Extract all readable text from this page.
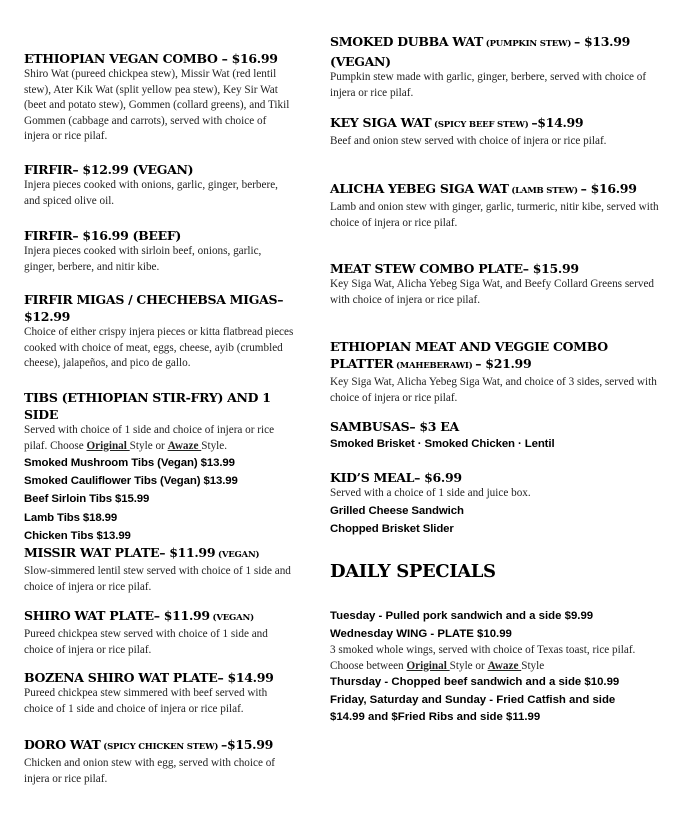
ETHIOPIAN VEGAN COMBO – $16.99

Shiro Wat (pureed chickpea stew), Missir Wat (red lentil stew), Ater Kik Wat (split yellow pea stew), Key Sir Wat (beet and potato stew), Gommen (collard greens), and Tikil Gommen (cabbage and carrots), served with choice of injera or rice pilaf.

FIRFIR– $12.99 (VEGAN)

Injera pieces cooked with onions, garlic, ginger, berbere, and spiced olive oil.

FIRFIR– $16.99 (BEEF)

Injera pieces cooked with sirloin beef, onions, garlic, ginger, berbere, and nitir kibe.

FIRFIR MIGAS / CHECHEBSA MIGAS– $12.99

Choice of either crispy injera pieces or kitta flatbread pieces cooked with choice of meat, eggs, cheese, ayib (crumbled cheese), jalapeños, and pico de gallo.

TIBS (ETHIOPIAN STIR-FRY) AND 1 SIDE

Served with choice of 1 side and choice of injera or rice pilaf. Choose Original Style or Awaze Style.

Smoked Mushroom Tibs (Vegan) $13.99

Smoked Cauliflower Tibs (Vegan) $13.99

Beef Sirloin Tibs $15.99

Lamb Tibs $18.99

Chicken Tibs $13.99

MISSIR WAT PLATE– $11.99 (VEGAN)

Slow-simmered lentil stew served with choice of 1 side and choice of injera or rice pilaf.

SHIRO WAT PLATE– $11.99 (VEGAN)

Pureed chickpea stew served with choice of 1 side and choice of injera or rice pilaf.

BOZENA SHIRO WAT PLATE– $14.99

Pureed chickpea stew simmered with beef served with choice of 1 side and choice of injera or rice pilaf.

DORO WAT (SPICY CHICKEN STEW) –$15.99

Chicken and onion stew with egg, served with choice of injera or rice pilaf.

SMOKED DUBBA WAT (PUMPKIN STEW) – $13.99 (VEGAN)

Pumpkin stew made with garlic, ginger, berbere, served with choice of injera or rice pilaf.

KEY SIGA WAT (SPICY BEEF STEW) –$14.99

Beef and onion stew served with choice of injera or rice pilaf.

ALICHA YEBEG SIGA WAT (LAMB STEW) – $16.99

Lamb and onion stew with ginger, garlic, turmeric, nitir kibe, served with choice of injera or rice pilaf.

MEAT STEW COMBO PLATE– $15.99

Key Siga Wat, Alicha Yebeg Siga Wat, and Beefy Collard Greens served with choice of injera or rice pilaf.

ETHIOPIAN MEAT AND VEGGIE COMBO PLATTER (MAHEBERAWI) – $21.99

Key Siga Wat, Alicha Yebeg Siga Wat, and choice of 3 sides, served with choice of injera or rice pilaf.

SAMBUSAS– $3 EA

Smoked Brisket · Smoked Chicken · Lentil

KID’S MEAL– $6.99

Served with a choice of 1 side and juice box.

Grilled Cheese Sandwich

Chopped Brisket Slider

DAILY SPECIALS

Tuesday - Pulled pork sandwich and a side $9.99

Wednesday WING - PLATE $10.99

3 smoked whole wings, served with choice of Texas toast, rice pilaf. Choose between Original Style or Awaze Style

Thursday - Chopped beef sandwich and a side $10.99

Friday, Saturday and Sunday - Fried Catfish and side

$14.99 and $Fried Ribs and side $11.99
